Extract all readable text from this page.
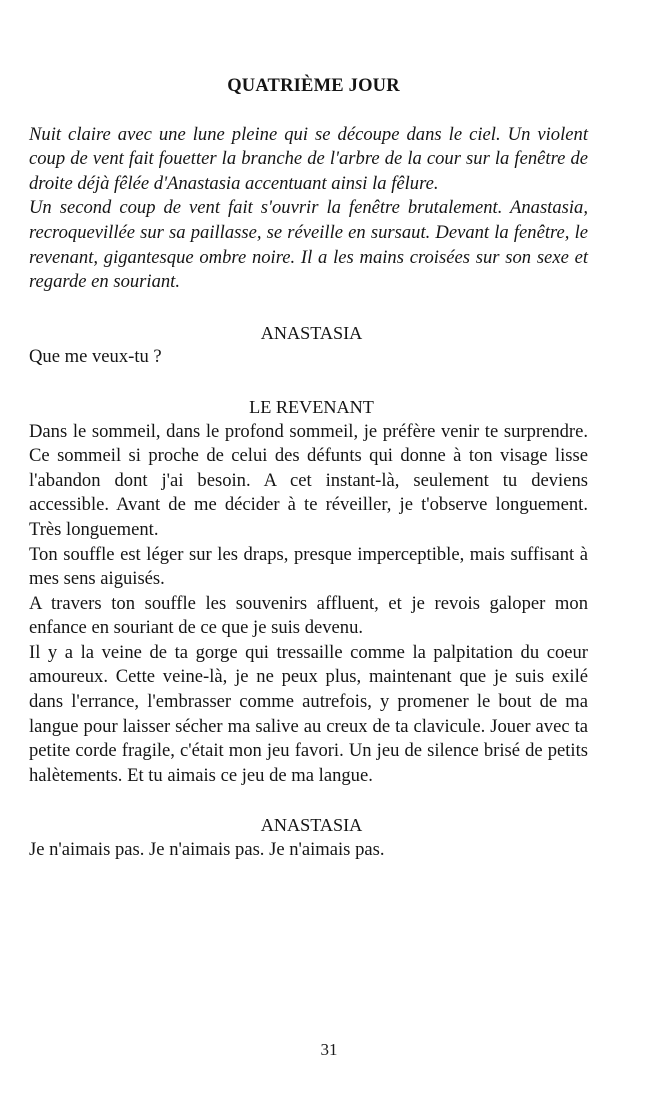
QUATRIÈME JOUR

Nuit claire avec une lune pleine qui se découpe dans le ciel. Un violent coup de vent fait fouetter la branche de l'arbre de la cour sur la fenêtre de droite déjà fêlée d'Anastasia accentuant ainsi la fêlure.

Un second coup de vent fait s'ouvrir la fenêtre brutalement. Anastasia, recroquevillée sur sa paillasse, se réveille en sursaut. Devant la fenêtre, le revenant, gigantesque ombre noire. Il a les mains croisées sur son sexe et regarde en souriant.

ANASTASIA

Que me veux-tu ?

LE REVENANT

Dans le sommeil, dans le profond sommeil, je préfère venir te surprendre. Ce sommeil si proche de celui des défunts qui donne à ton visage lisse l'abandon dont j'ai besoin. A cet instant-là, seulement tu deviens accessible. Avant de me décider à te réveiller, je t'observe longuement. Très longuement.

Ton souffle est léger sur les draps, presque imperceptible, mais suffisant à mes sens aiguisés.

A travers ton souffle les souvenirs affluent, et je revois galoper mon enfance en souriant de ce que je suis devenu.

Il y a la veine de ta gorge qui tressaille comme la palpitation du coeur amoureux. Cette veine-là, je ne peux plus, maintenant que je suis exilé dans l'errance, l'embrasser comme autrefois, y promener le bout de ma langue pour laisser sécher ma salive au creux de ta clavicule. Jouer avec ta petite corde fragile, c'était mon jeu favori. Un jeu de silence brisé de petits halètements. Et tu aimais ce jeu de ma langue.

ANASTASIA

Je n'aimais pas. Je n'aimais pas. Je n'aimais pas.

31
